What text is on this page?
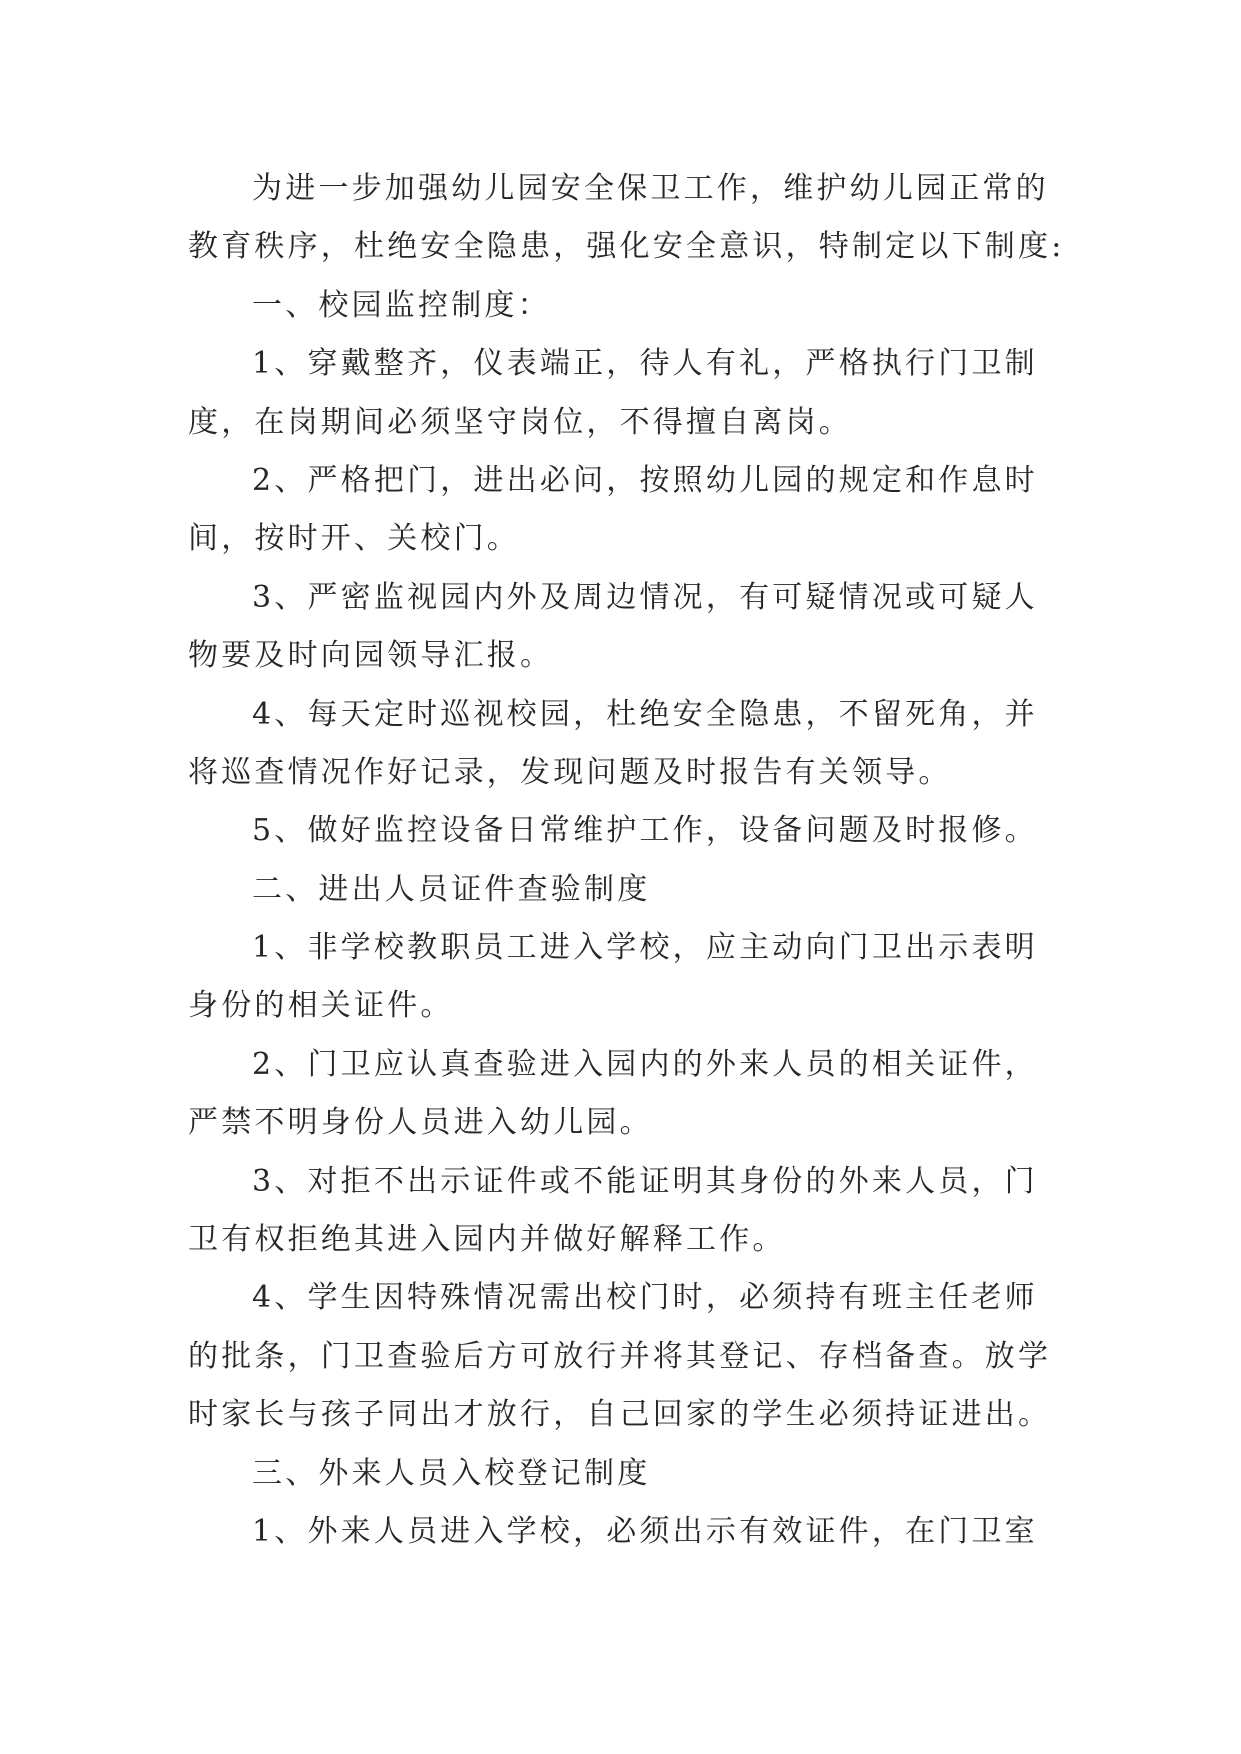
为进一步加强幼儿园安全保卫工作，维护幼儿园正常的
教育秩序，杜绝安全隐患，强化安全意识，特制定以下制度:
一、校园监控制度：
1、穿戴整齐，仪表端正，待人有礼，严格执行门卫制
度，在岗期间必须坚守岗位，不得擅自离岗。
2、严格把门，进出必问，按照幼儿园的规定和作息时
间，按时开、关校门。
3、严密监视园内外及周边情况，有可疑情况或可疑人
物要及时向园领导汇报。
4、每天定时巡视校园，杜绝安全隐患，不留死角，并
将巡查情况作好记录，发现问题及时报告有关领导。
5、做好监控设备日常维护工作，设备问题及时报修。
二、进出人员证件查验制度
1、非学校教职员工进入学校，应主动向门卫出示表明
身份的相关证件。
2、门卫应认真查验进入园内的外来人员的相关证件，
严禁不明身份人员进入幼儿园。
3、对拒不出示证件或不能证明其身份的外来人员，门
卫有权拒绝其进入园内并做好解释工作。
4、学生因特殊情况需出校门时，必须持有班主任老师
的批条，门卫查验后方可放行并将其登记、存档备查。放学
时家长与孩子同出才放行，自己回家的学生必须持证进出。
三、外来人员入校登记制度
1、外来人员进入学校，必须出示有效证件，在门卫室
